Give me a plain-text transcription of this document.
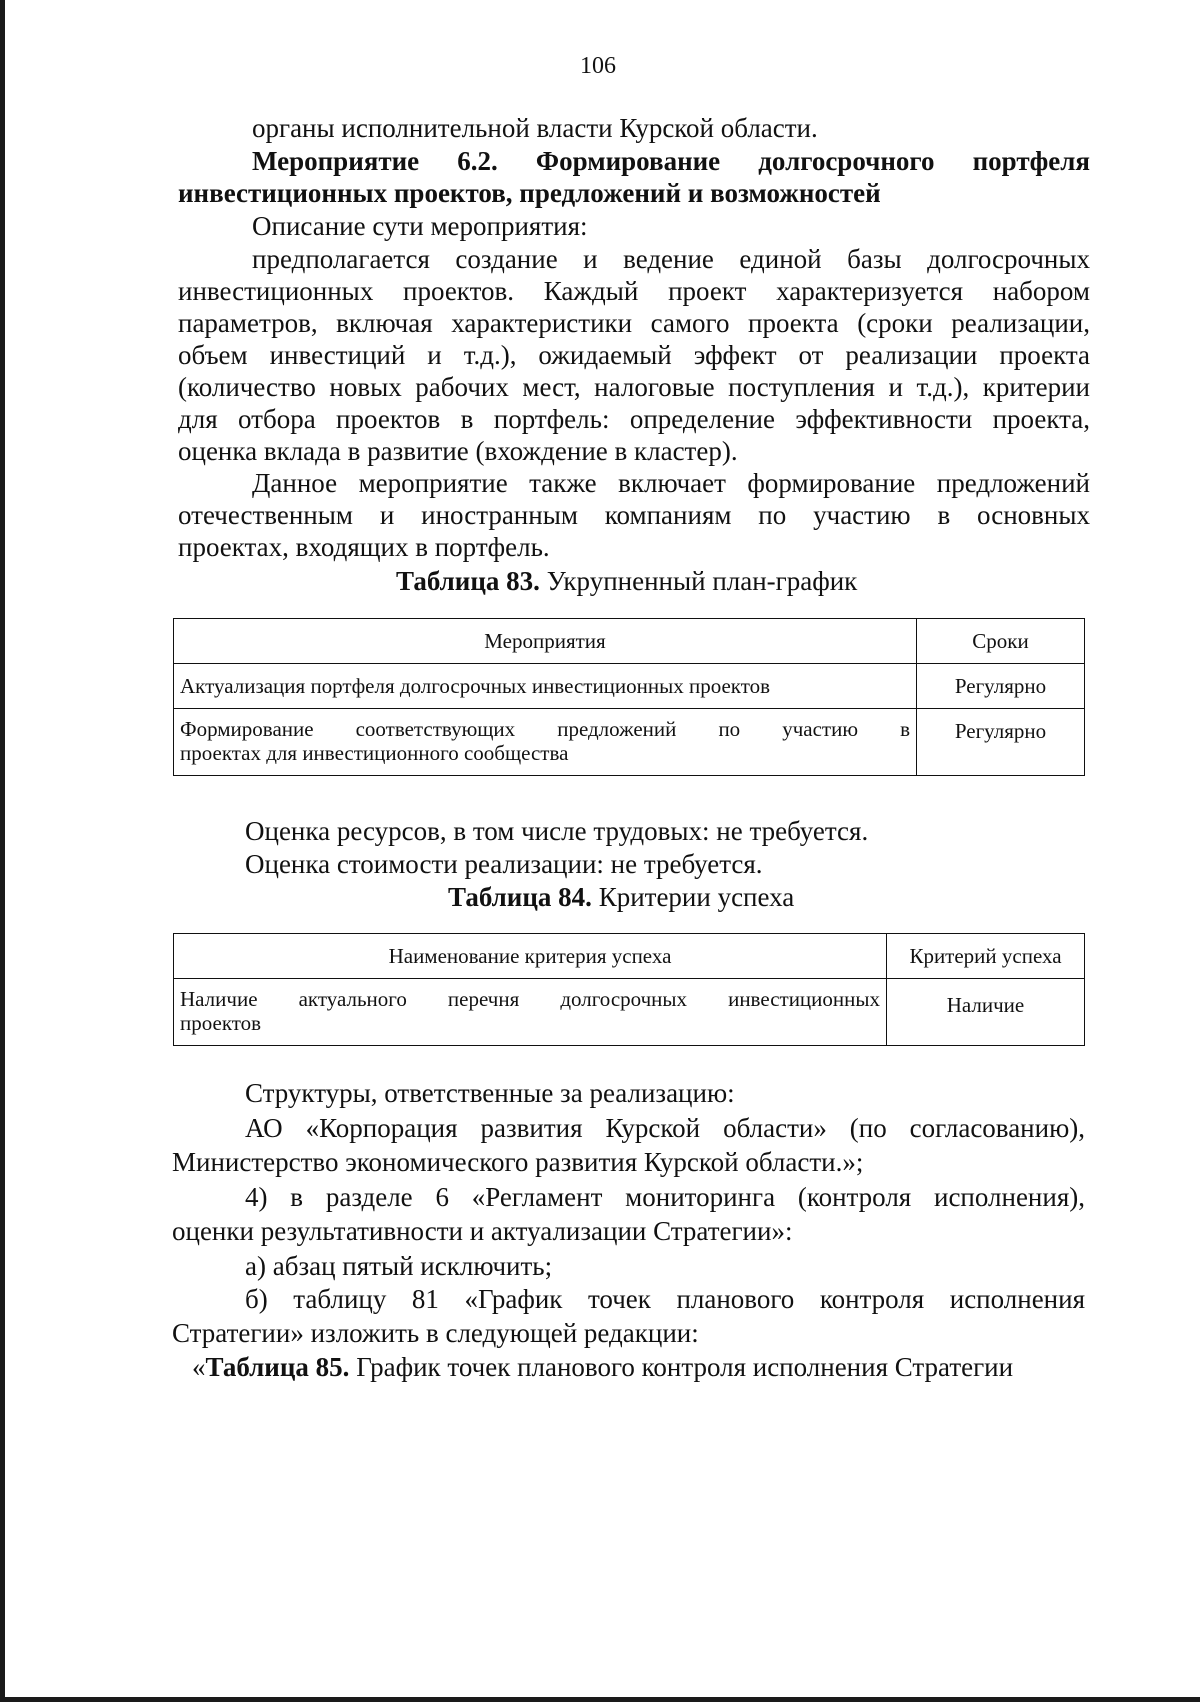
106
органы исполнительной власти Курской области.
Мероприятие 6.2. Формирование долгосрочного портфеля
инвестиционных проектов, предложений и возможностей
Описание сути мероприятия:
предполагается создание и ведение единой базы долгосрочных
инвестиционных проектов. Каждый проект характеризуется набором
параметров, включая характеристики самого проекта (сроки реализации,
объем инвестиций и т.д.), ожидаемый эффект от реализации проекта
(количество новых рабочих мест, налоговые поступления и т.д.), критерии
для отбора проектов в портфель: определение эффективности проекта,
оценка вклада в развитие (вхождение в кластер).
Данное мероприятие также включает формирование предложений
отечественным и иностранным компаниям по участию в основных
проектах, входящих в портфель.
Таблица 83. Укрупненный план-график
Мероприятия	Сроки
Актуализация портфеля долгосрочных инвестиционных проектов	Регулярно

Формирование соответствующих предложений по участию в
проектах для инвестиционного сообщества	Регулярно
Оценка ресурсов, в том числе трудовых: не требуется.
Оценка стоимости реализации: не требуется.
Таблица 84. Критерии успеха
Наименование критерия успеха	Критерий успеха

Наличие актуального перечня долгосрочных инвестиционных
проектов	Наличие
Структуры, ответственные за реализацию:
АО «Корпорация развития Курской области» (по согласованию),
Министерство экономического развития Курской области.»;
4) в разделе 6 «Регламент мониторинга (контроля исполнения),
оценки результативности и актуализации Стратегии»:
а) абзац пятый исключить;
б) таблицу 81 «График точек планового контроля исполнения
Стратегии» изложить в следующей редакции:
«Таблица 85. График точек планового контроля исполнения Стратегии
